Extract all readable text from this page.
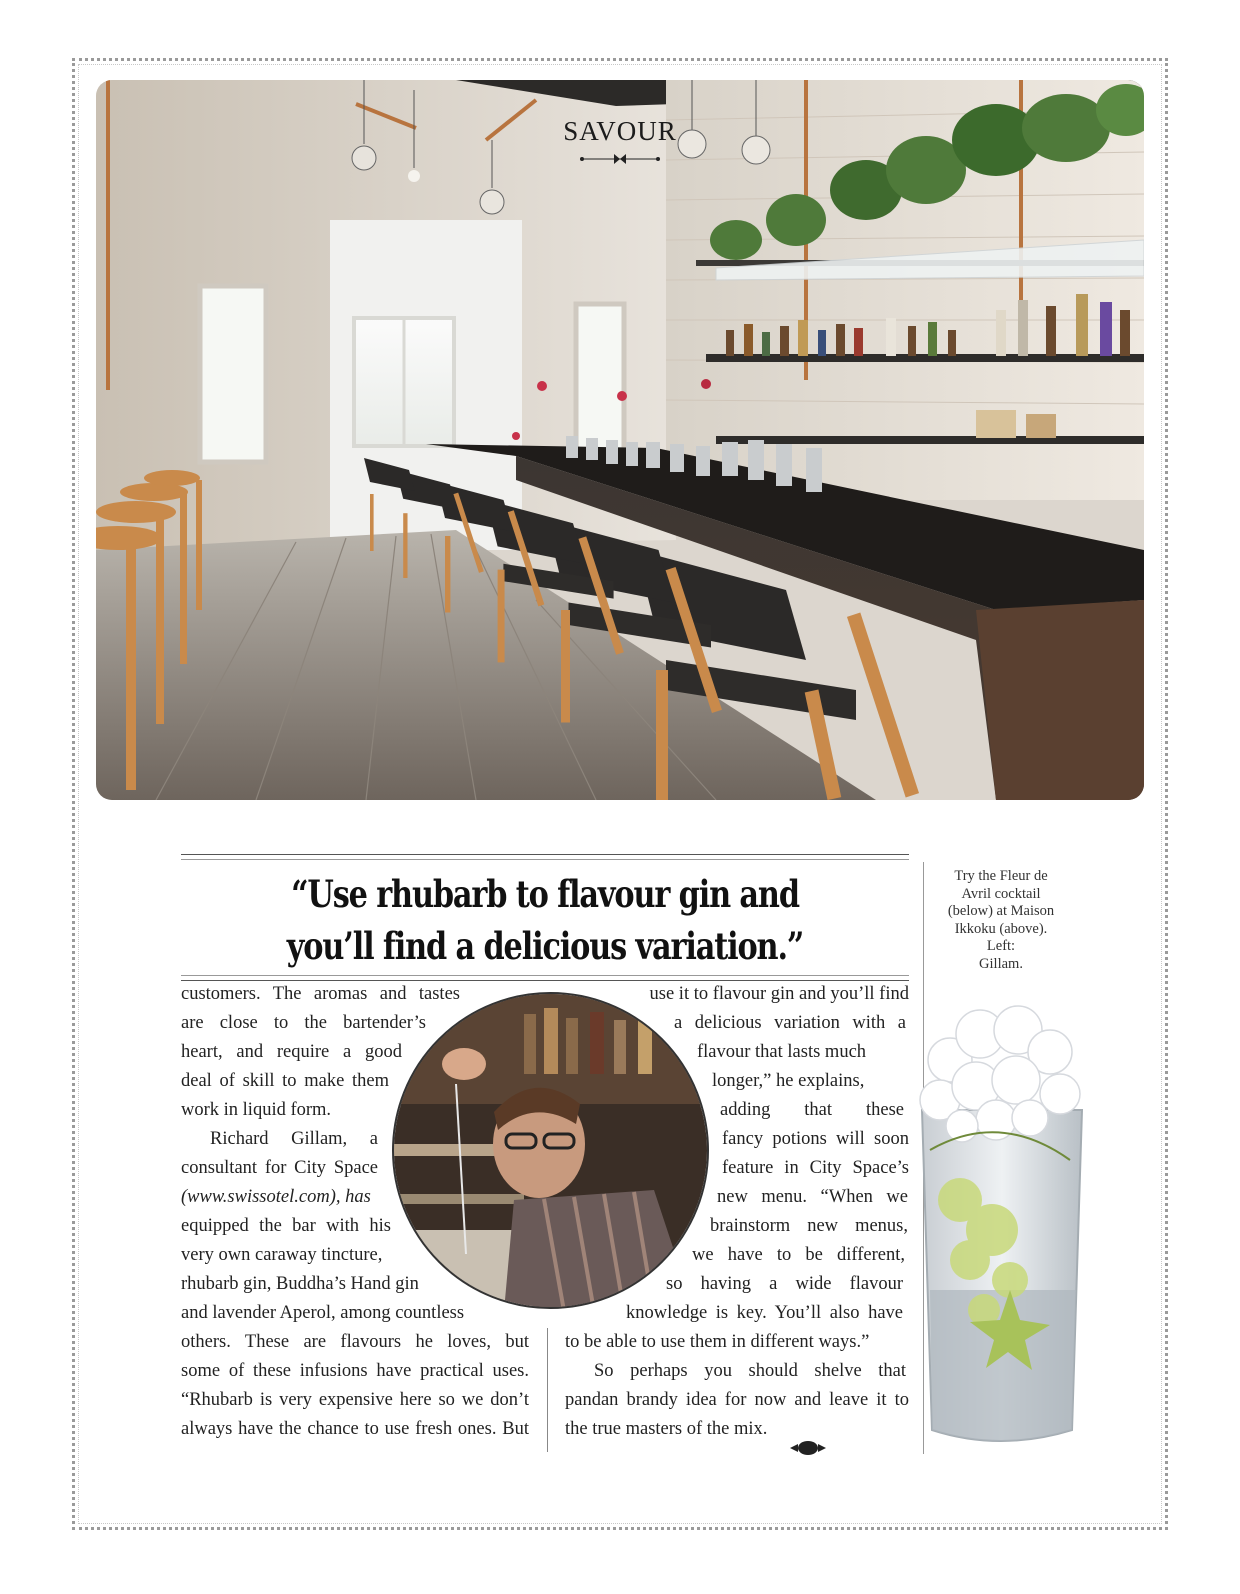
SAVOUR
“Use rhubarb to flavour gin and
you’ll find a delicious variation.”
Try the Fleur de
Avril cocktail
(below) at Maison
Ikkoku (above).
Left:
Gillam.
customers. The aromas and tastes
are close to the bartender’s
heart, and require a good
deal of skill to make them
work in liquid form.
Richard Gillam, a
consultant for City Space
(www.swissotel.com), has
equipped the bar with his
very own caraway tincture,
rhubarb gin, Buddha’s Hand gin
and lavender Aperol, among countless
others. These are flavours he loves, but
some of these infusions have practical uses.
“Rhubarb is very expensive here so we don’t
always have the chance to use fresh ones. But
use it to flavour gin and you’ll find
a delicious variation with a
flavour that lasts much
longer,” he explains,
adding that these
fancy potions will soon
feature in City Space’s
new menu. “When we
brainstorm new menus,
we have to be different,
so having a wide flavour
knowledge is key. You’ll also have
to be able to use them in different ways.”
So perhaps you should shelve that
pandan brandy idea for now and leave it to
the true masters of the mix.
